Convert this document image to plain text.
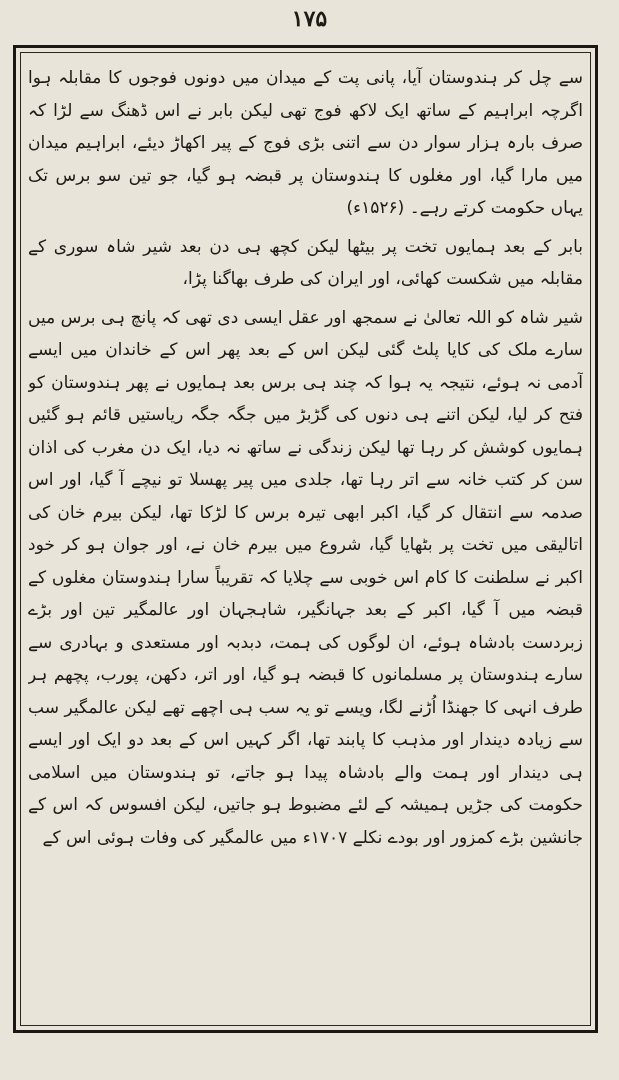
۱۷۵

سے چل کر ہندوستان آیا، پانی پت کے میدان میں دونوں فوجوں کا مقابلہ ہوا اگرچہ ابراہیم کے ساتھ ایک لاکھ فوج تھی لیکن بابر نے اس ڈھنگ سے لڑا کہ صرف بارہ ہزار سوار دن سے اتنی بڑی فوج کے پیر اکھاڑ دیئے، ابراہیم میدان میں مارا گیا، اور مغلوں کا ہندوستان پر قبضہ ہو گیا، جو تین سو برس تک یہاں حکومت کرتے رہے۔ (۱۵۲۶ء)

بابر کے بعد ہمایوں تخت پر بیٹھا لیکن کچھ ہی دن بعد شیر شاہ سوری کے مقابلہ میں شکست کھائی، اور ایران کی طرف بھاگنا پڑا،

شیر شاہ کو اللہ تعالیٰ نے سمجھ اور عقل ایسی دی تھی کہ پانچ ہی برس میں سارے ملک کی کایا پلٹ گئی لیکن اس کے بعد پھر اس کے خاندان میں ایسے آدمی نہ ہوئے، نتیجہ یہ ہوا کہ چند ہی برس بعد ہمایوں نے پھر ہندوستان کو فتح کر لیا، لیکن اتنے ہی دنوں کی گڑبڑ میں جگہ جگہ ریاستیں قائم ہو گئیں ہمایوں کوشش کر رہا تھا لیکن زندگی نے ساتھ نہ دیا، ایک دن مغرب کی اذان سن کر کتب خانہ سے اتر رہا تھا، جلدی میں پیر پھسلا تو نیچے آ گیا، اور اس صدمہ سے انتقال کر گیا، اکبر ابھی تیرہ برس کا لڑکا تھا، لیکن بیرم خان کی اتالیقی میں تخت پر بٹھایا گیا، شروع میں بیرم خان نے، اور جوان ہو کر خود اکبر نے سلطنت کا کام اس خوبی سے چلایا کہ تقریباً سارا ہندوستان مغلوں کے قبضہ میں آ گیا، اکبر کے بعد جہانگیر، شاہجہان اور عالمگیر تین اور بڑے زبردست بادشاہ ہوئے، ان لوگوں کی ہمت، دبدبہ اور مستعدی و بہادری سے سارے ہندوستان پر مسلمانوں کا قبضہ ہو گیا، اور اتر، دکھن، پورب، پچھم ہر طرف انہی کا جھنڈا اُڑنے لگا، ویسے تو یہ سب ہی اچھے تھے لیکن عالمگیر سب سے زیادہ دیندار اور مذہب کا پابند تھا، اگر کہیں اس کے بعد دو ایک اور ایسے ہی دیندار اور ہمت والے بادشاہ پیدا ہو جاتے، تو ہندوستان میں اسلامی حکومت کی جڑیں ہمیشہ کے لئے مضبوط ہو جاتیں، لیکن افسوس کہ اس کے جانشین بڑے کمزور اور بودے نکلے ۱۷۰۷ء میں عالمگیر کی وفات ہوئی اس کے
